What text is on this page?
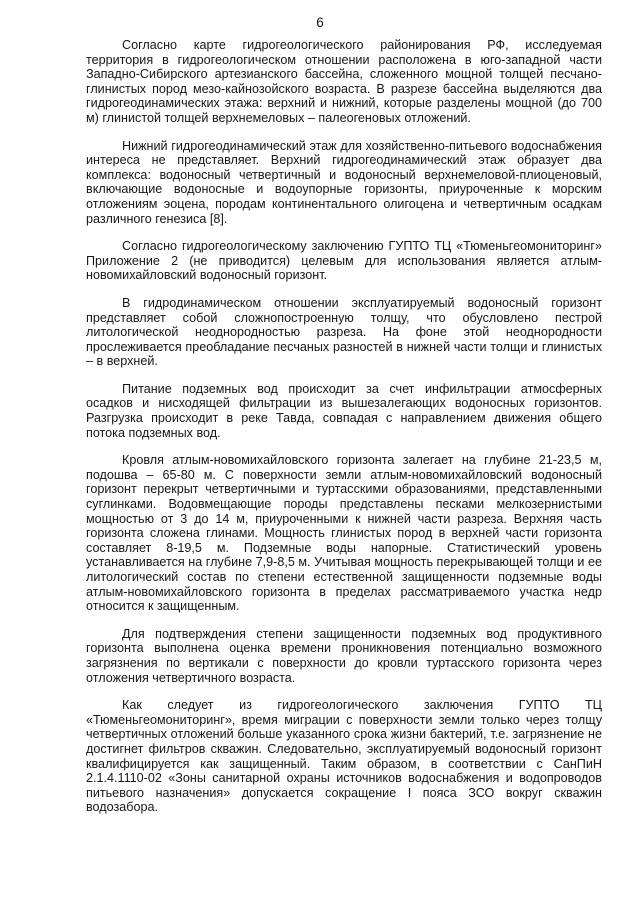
6

Согласно карте гидрогеологического районирования РФ, исследуемая территория в гидрогеологическом отношении расположена в юго-западной части Западно-Сибирского артезианского бассейна, сложенного мощной толщей песчано-глинистых пород мезо-кайнозойского возраста. В разрезе бассейна выделяются два гидрогеодинамических этажа: верхний и нижний, которые разделены мощной (до 700 м) глинистой толщей верхнемеловых – палеогеновых отложений.

Нижний гидрогеодинамический этаж для хозяйственно-питьевого водоснабжения интереса не представляет. Верхний гидрогеодинамический этаж образует два комплекса: водоносный четвертичный и водоносный верхнемеловой-плиоценовый, включающие водоносные и водоупорные горизонты, приуроченные к морским отложениям эоцена, породам континентального олигоцена и четвертичным осадкам различного генезиса [8].

Согласно гидрогеологическому заключению ГУПТО ТЦ «Тюменьгеомониторинг» Приложение 2 (не приводится) целевым для использования является атлым-новомихайловский водоносный горизонт.

В гидродинамическом отношении эксплуатируемый водоносный горизонт представляет собой сложнопостроенную толщу, что обусловлено пестрой литологической неоднородностью разреза. На фоне этой неоднородности прослеживается преобладание песчаных разностей в нижней части толщи и глинистых – в верхней.

Питание подземных вод происходит за счет инфильтрации атмосферных осадков и нисходящей фильтрации из вышезалегающих водоносных горизонтов. Разгрузка происходит в реке Тавда, совпадая с направлением движения общего потока подземных вод.

Кровля атлым-новомихайловского горизонта залегает на глубине 21-23,5 м, подошва – 65-80 м. С поверхности земли атлым-новомихайловский водоносный горизонт перекрыт четвертичными и туртасскими образованиями, представленными суглинками. Водовмещающие породы представлены песками мелкозернистыми мощностью от 3 до 14 м, приуроченными к нижней части разреза. Верхняя часть горизонта сложена глинами. Мощность глинистых пород в верхней части горизонта составляет 8-19,5 м. Подземные воды напорные. Статистический уровень устанавливается на глубине 7,9-8,5 м. Учитывая мощность перекрывающей толщи и ее литологический состав по степени естественной защищенности подземные воды атлым-новомихайловского горизонта в пределах рассматриваемого участка недр относится к защищенным.

Для подтверждения степени защищенности подземных вод продуктивного горизонта выполнена оценка времени проникновения потенциально возможного загрязнения по вертикали с поверхности до кровли туртасского горизонта через отложения четвертичного возраста.

Как следует из гидрогеологического заключения ГУПТО ТЦ «Тюменьгеомониторинг», время миграции с поверхности земли только через толщу четвертичных отложений больше указанного срока жизни бактерий, т.е. загрязнение не достигнет фильтров скважин. Следовательно, эксплуатируемый водоносный горизонт квалифицируется как защищенный. Таким образом, в соответствии с СанПиН 2.1.4.1110-02 «Зоны санитарной охраны источников водоснабжения и водопроводов питьевого назначения» допускается сокращение I пояса ЗСО вокруг скважин водозабора.
